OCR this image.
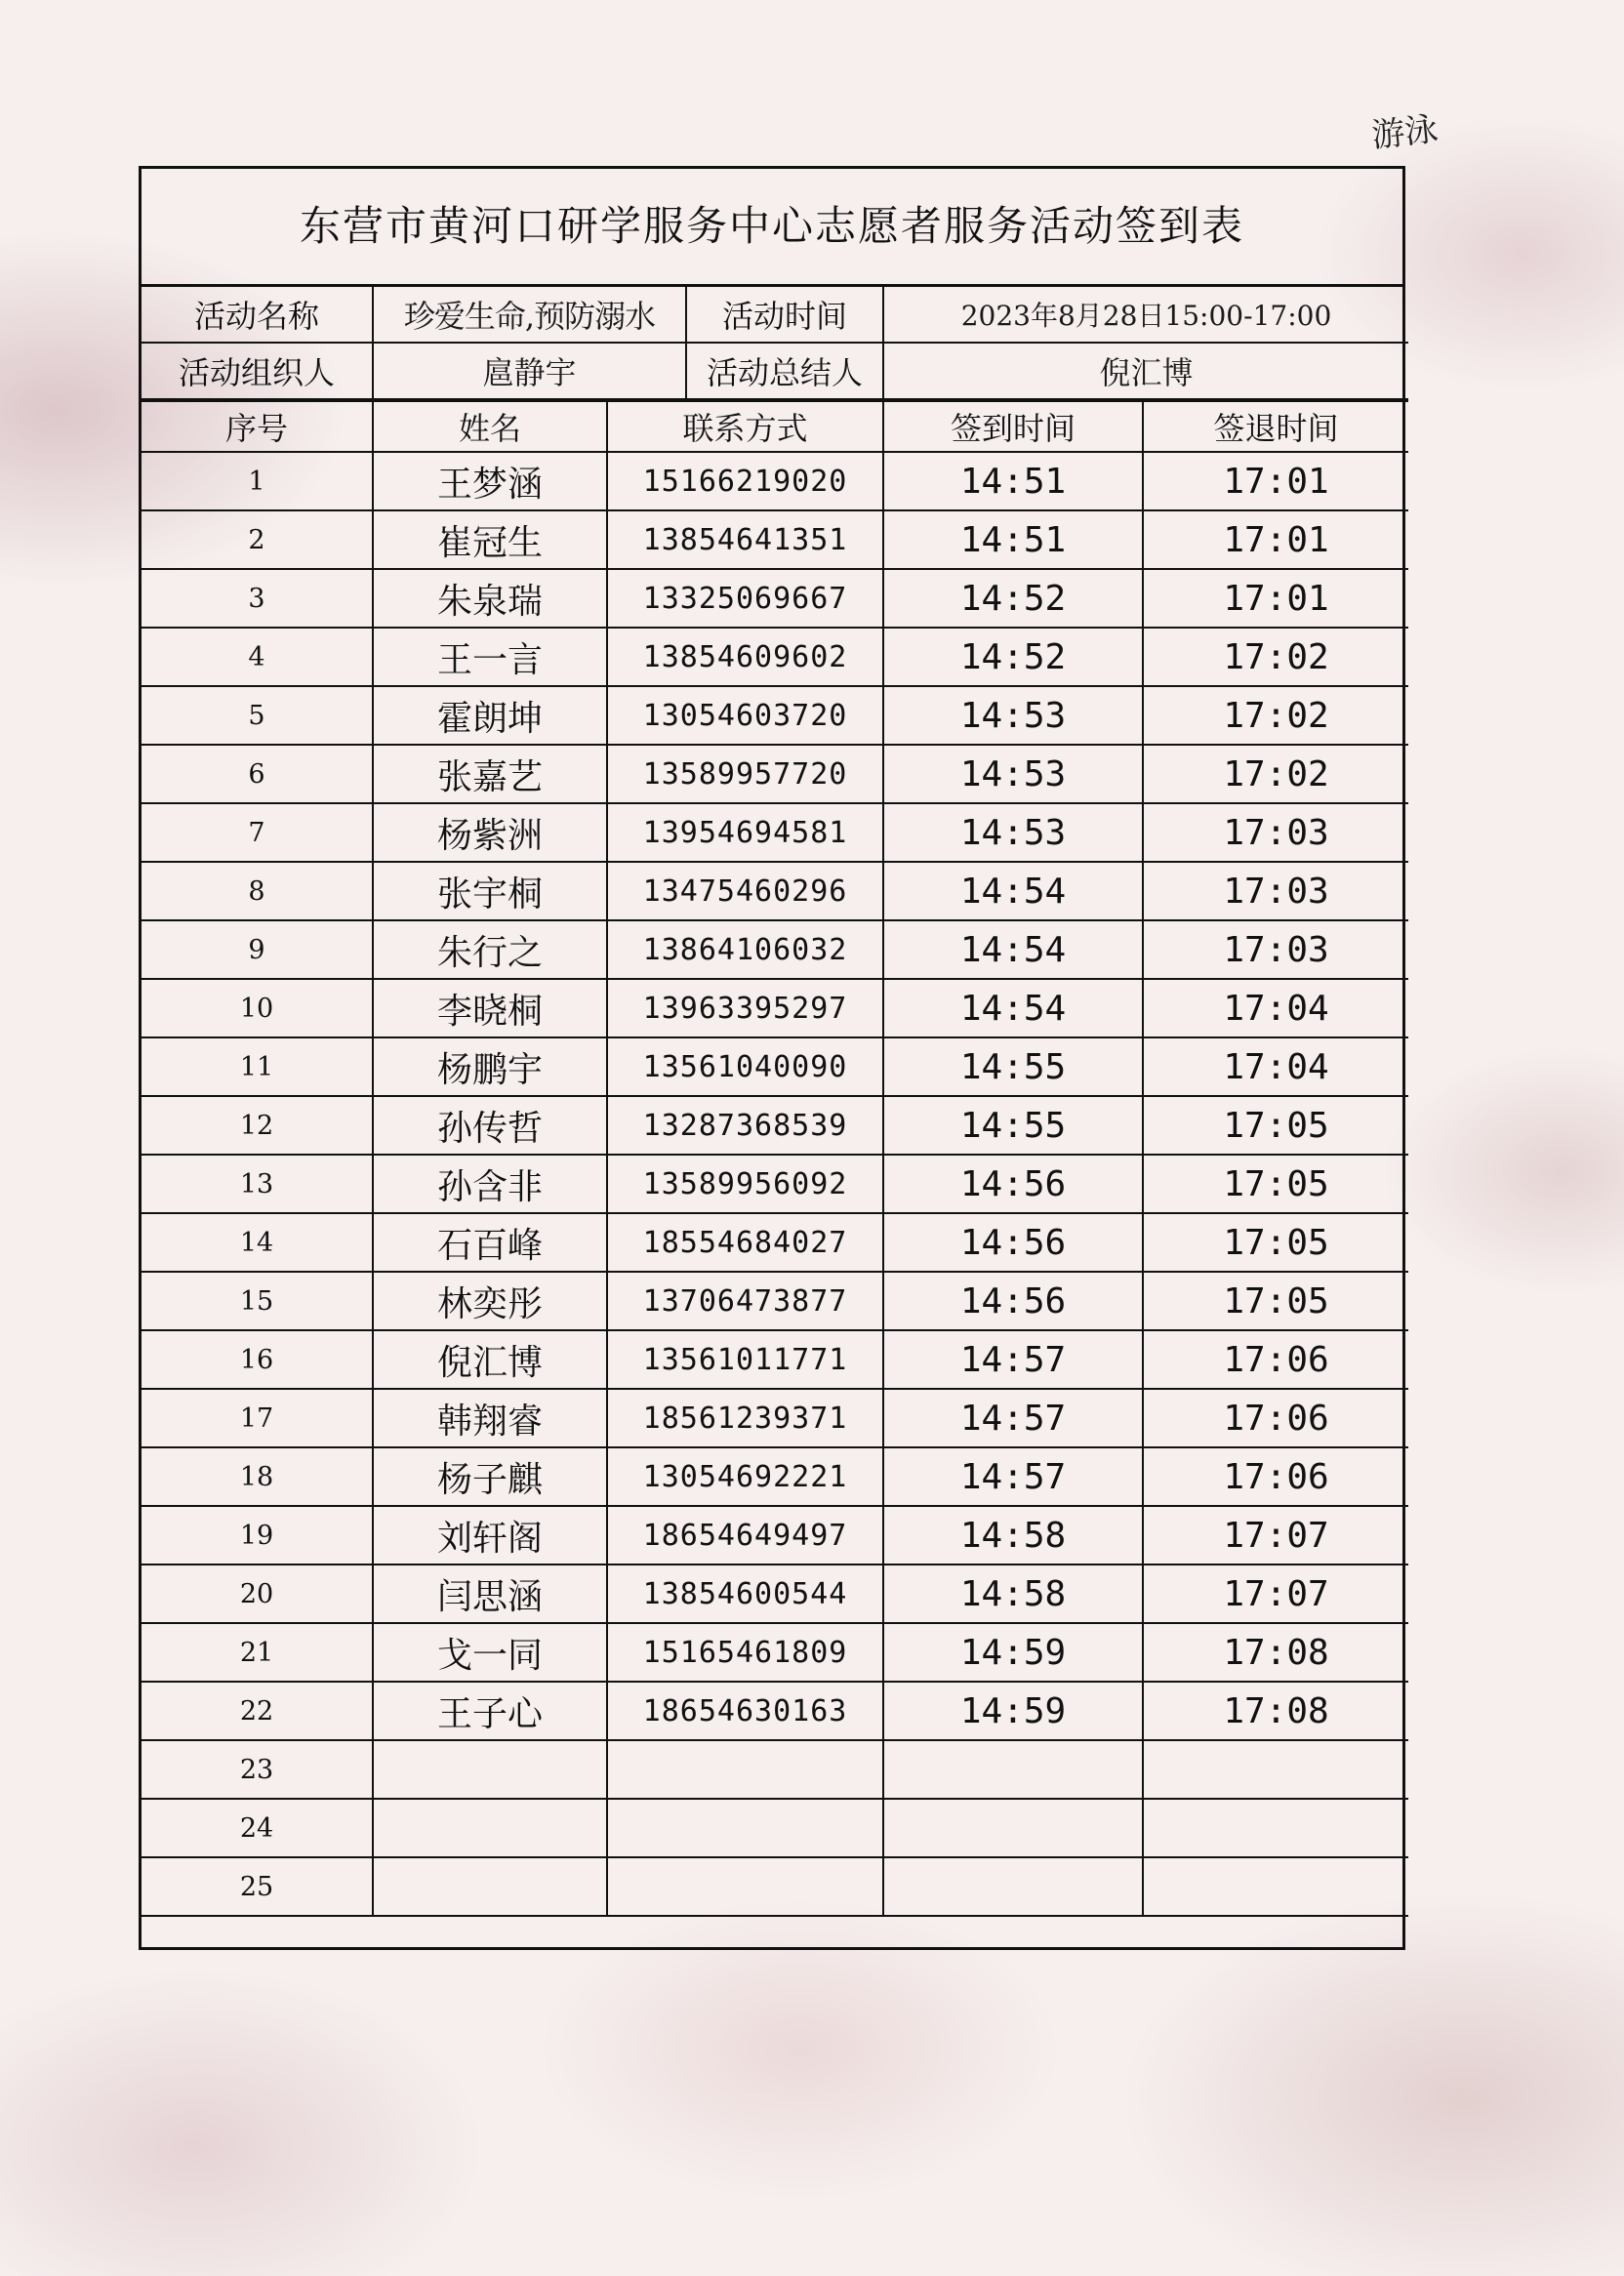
游泳
东营市黄河口研学服务中心志愿者服务活动签到表
活动名称	珍爱生命,预防溺水	活动时间	2023年8月28日15:00-17:00
活动组织人	扈静宇	活动总结人	倪汇博
序号	姓名	联系方式	签到时间	签退时间
1	王梦涵	15166219020	14:51	17:01
2	崔冠生	13854641351	14:51	17:01
3	朱泉瑞	13325069667	14:52	17:01
4	王一言	13854609602	14:52	17:02
5	霍朗坤	13054603720	14:53	17:02
6	张嘉艺	13589957720	14:53	17:02
7	杨紫洲	13954694581	14:53	17:03
8	张宇桐	13475460296	14:54	17:03
9	朱行之	13864106032	14:54	17:03
10	李晓桐	13963395297	14:54	17:04
11	杨鹏宇	13561040090	14:55	17:04
12	孙传哲	13287368539	14:55	17:05
13	孙含非	13589956092	14:56	17:05
14	石百峰	18554684027	14:56	17:05
15	林奕彤	13706473877	14:56	17:05
16	倪汇博	13561011771	14:57	17:06
17	韩翔睿	18561239371	14:57	17:06
18	杨子麒	13054692221	14:57	17:06
19	刘轩阁	18654649497	14:58	17:07
20	闫思涵	13854600544	14:58	17:07
21	戈一同	15165461809	14:59	17:08
22	王子心	18654630163	14:59	17:08
23				
24				
25				
